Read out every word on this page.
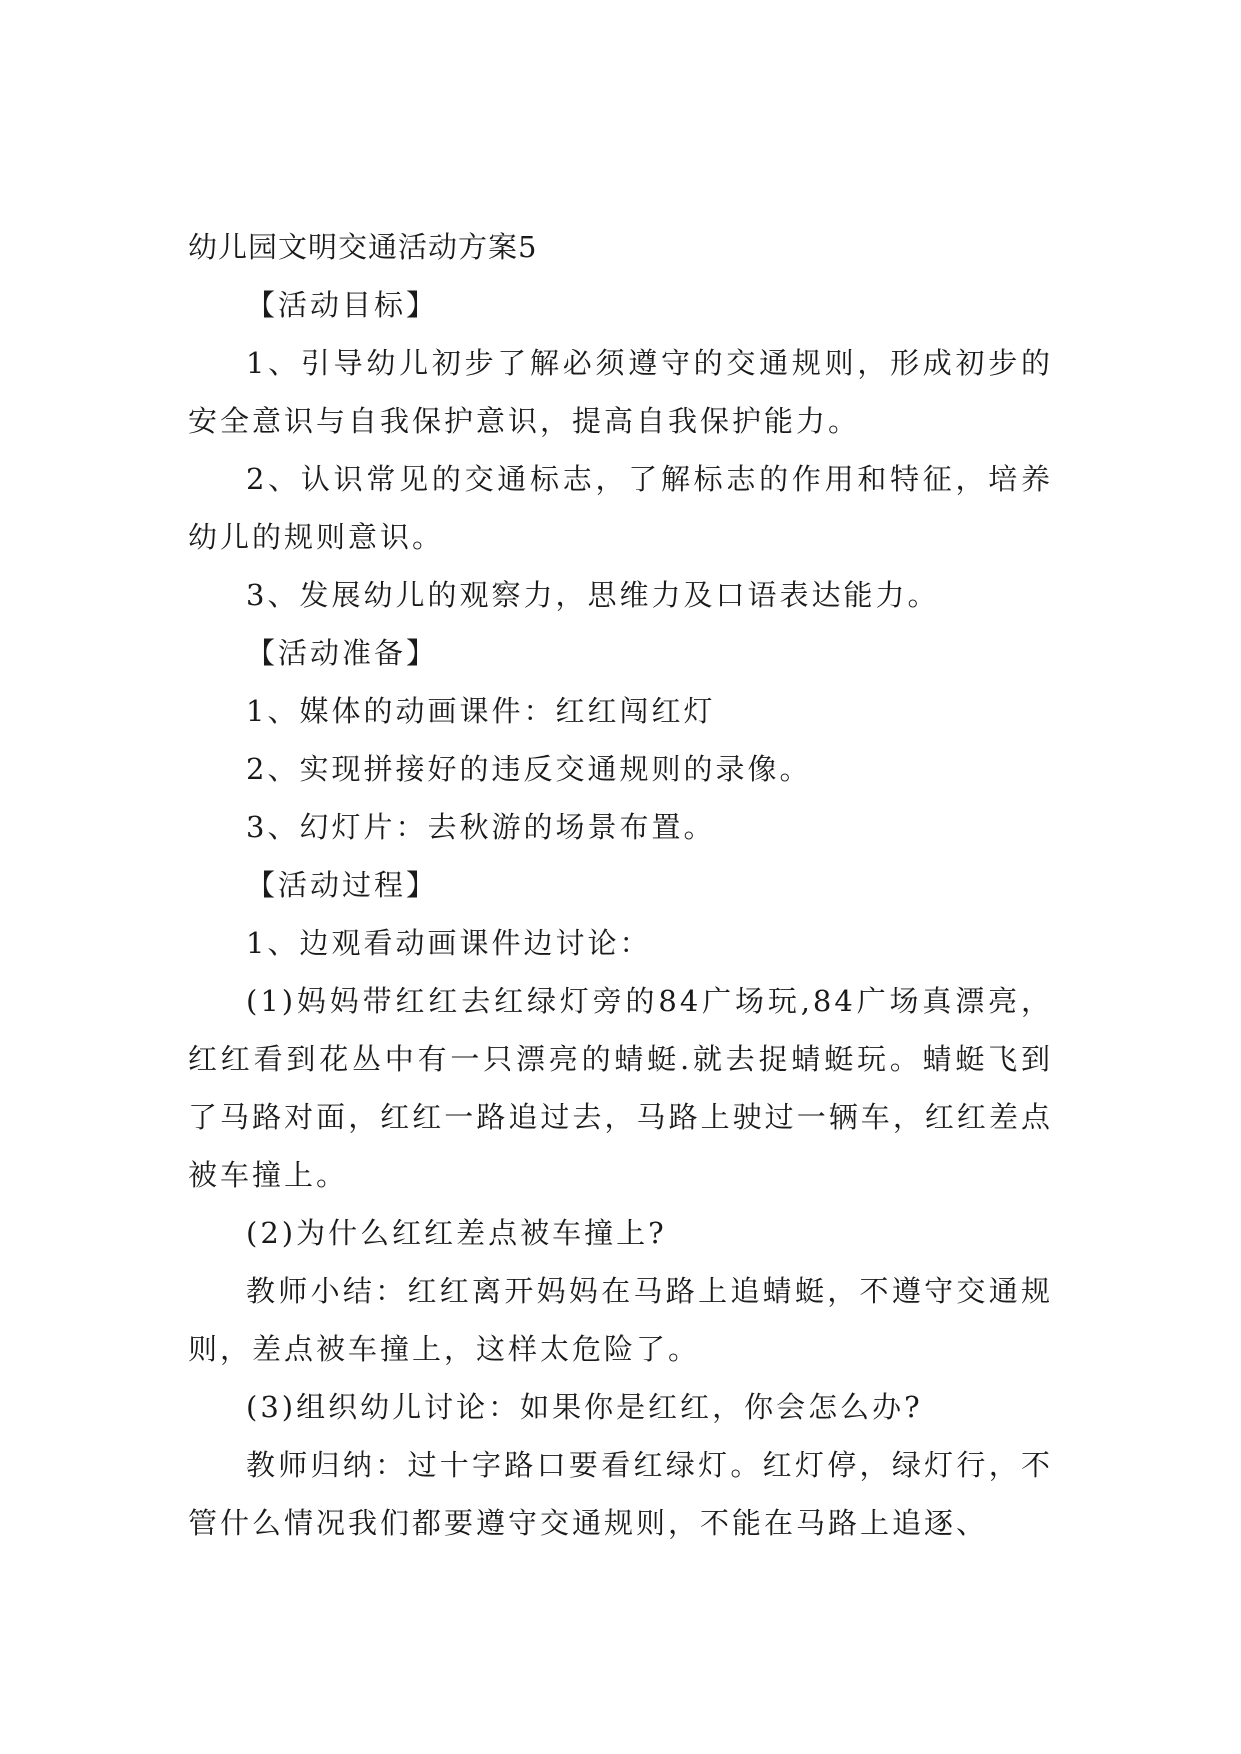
幼儿园文明交通活动方案5

【活动目标】

1、引导幼儿初步了解必须遵守的交通规则，形成初步的安全意识与自我保护意识，提高自我保护能力。

2、认识常见的交通标志，了解标志的作用和特征，培养幼儿的规则意识。

3、发展幼儿的观察力，思维力及口语表达能力。

【活动准备】

1、媒体的动画课件：红红闯红灯

2、实现拼接好的违反交通规则的录像。

3、幻灯片：去秋游的场景布置。

【活动过程】

1、边观看动画课件边讨论：

(1)妈妈带红红去红绿灯旁的84广场玩,84广场真漂亮，红红看到花丛中有一只漂亮的蜻蜓.就去捉蜻蜓玩。蜻蜓飞到了马路对面，红红一路追过去，马路上驶过一辆车，红红差点被车撞上。

(2)为什么红红差点被车撞上?

教师小结：红红离开妈妈在马路上追蜻蜓，不遵守交通规则，差点被车撞上，这样太危险了。

(3)组织幼儿讨论：如果你是红红，你会怎么办?

教师归纳：过十字路口要看红绿灯。红灯停，绿灯行，不管什么情况我们都要遵守交通规则，不能在马路上追逐、
